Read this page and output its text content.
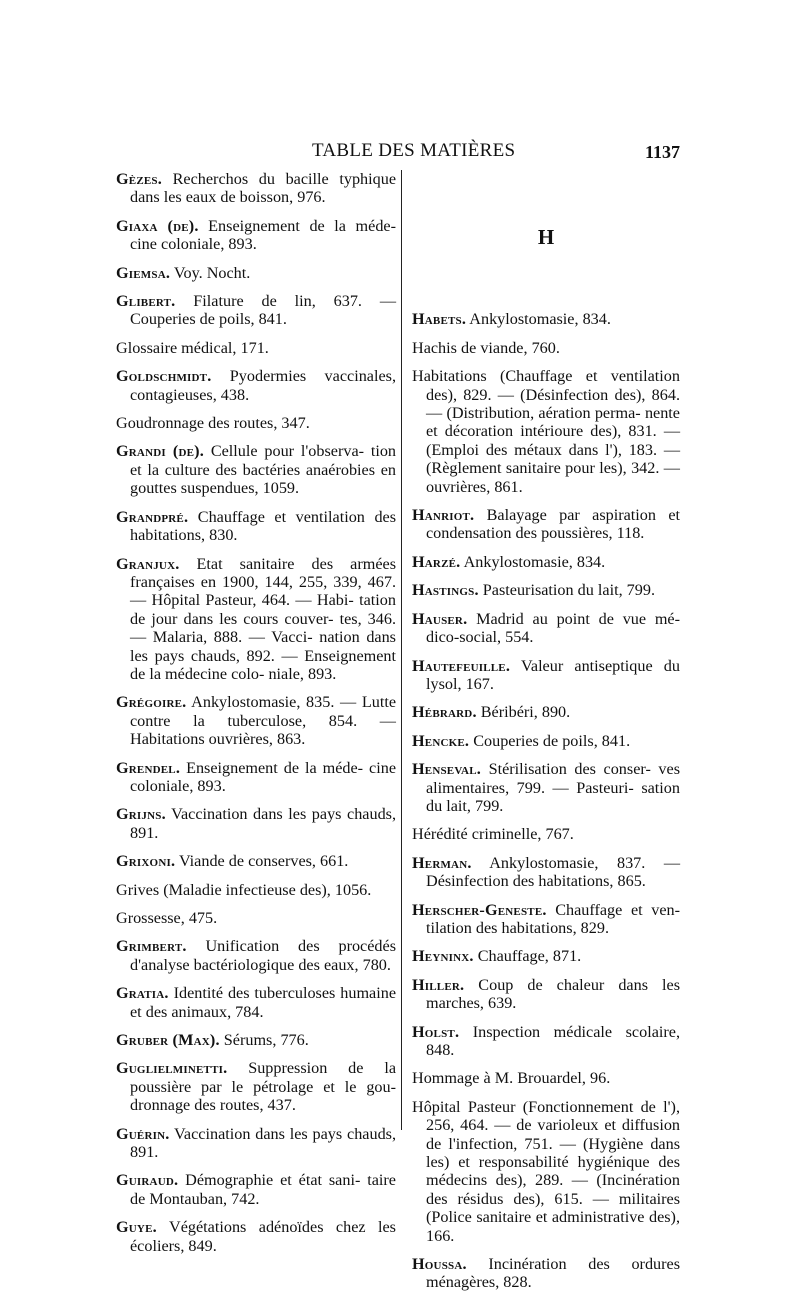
TABLE DES MATIÈRES	1137
Gèzes. Recherchos du bacille typhique dans les eaux de boisson, 976.
Giaxa (de). Enseignement de la méde- cine coloniale, 893.
Giemsa. Voy. Nocht.
Glibert. Filature de lin, 637. — Couperies de poils, 841.
Glossaire médical, 171.
Goldschmidt. Pyodermies vaccinales, contagieuses, 438.
Goudronnage des routes, 347.
Grandi (de). Cellule pour l'observa- tion et la culture des bactéries anaérobies en gouttes suspendues, 1059.
Grandpré. Chauffage et ventilation des habitations, 830.
Granjux. Etat sanitaire des armées françaises en 1900, 144, 255, 339, 467. — Hôpital Pasteur, 464. — Habi- tation de jour dans les cours couver- tes, 346. — Malaria, 888. — Vacci- nation dans les pays chauds, 892. — Enseignement de la médecine colo- niale, 893.
Grégoire. Ankylostomasie, 835. — Lutte contre la tuberculose, 854. — Habitations ouvrières, 863.
Grendel. Enseignement de la méde- cine coloniale, 893.
Grijns. Vaccination dans les pays chauds, 891.
Grixoni. Viande de conserves, 661.
Grives (Maladie infectieuse des), 1056.
Grossesse, 475.
Grimbert. Unification des procédés d'analyse bactériologique des eaux, 780.
Gratia. Identité des tuberculoses humaine et des animaux, 784.
Gruber (Max). Sérums, 776.
Guglielminetti. Suppression de la poussière par le pétrolage et le gou- dronnage des routes, 437.
Guérin. Vaccination dans les pays chauds, 891.
Guiraud. Démographie et état sani- taire de Montauban, 742.
Guye. Végétations adénoïdes chez les écoliers, 849.
H
Habets. Ankylostomasie, 834.
Hachis de viande, 760.
Habitations (Chauffage et ventilation des), 829. — (Désinfection des), 864. — (Distribution, aération perma- nente et décoration intérioure des), 831. — (Emploi des métaux dans l'), 183. — (Règlement sanitaire pour les), 342. — ouvrières, 861.
Hanriot. Balayage par aspiration et condensation des poussières, 118.
Harzé. Ankylostomasie, 834.
Hastings. Pasteurisation du lait, 799.
Hauser. Madrid au point de vue mé- dico-social, 554.
Hautefeuille. Valeur antiseptique du lysol, 167.
Hébrard. Béribéri, 890.
Hencke. Couperies de poils, 841.
Henseval. Stérilisation des conser- ves alimentaires, 799. — Pasteuri- sation du lait, 799.
Hérédité criminelle, 767.
Herman. Ankylostomasie, 837. — Désinfection des habitations, 865.
Herscher-Geneste. Chauffage et ven- tilation des habitations, 829.
Heyninx. Chauffage, 871.
Hiller. Coup de chaleur dans les marches, 639.
Holst. Inspection médicale scolaire, 848.
Hommage à M. Brouardel, 96.
Hôpital Pasteur (Fonctionnement de l'), 256, 464. — de varioleux et diffusion de l'infection, 751. — (Hygiène dans les) et responsabilité hygiénique des médecins des), 289. — (Incinération des résidus des), 615. — militaires (Police sanitaire et administrative des), 166.
Houssa. Incinération des ordures ménagères, 828.
